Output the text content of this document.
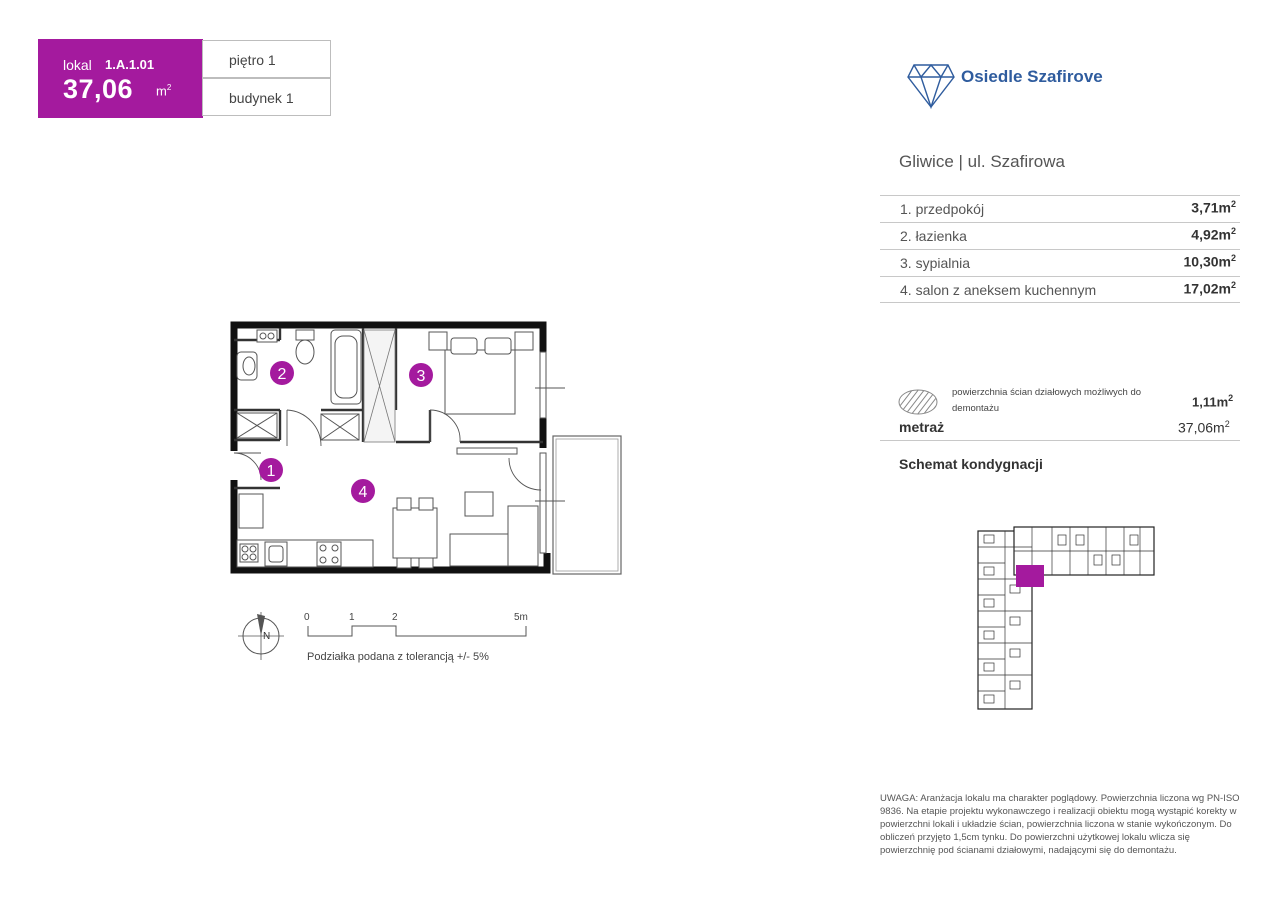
lokal 1.A.1.01
37,06 $m^2$
piętro 1
budynek 1
Osiedle Szafirove
Gliwice | ul. Szafirowa
1. przedpokój	$3,71m^2$
2. łazienka	$4,92m^2$
3. sypialnia	$10,30m^2$
4. salon z aneksem kuchennym	$17,02m^2$
powierzchnia ścian działowych możliwych do demontażu	$1,11m^2$
metraż	$37,06m^2$
Schemat kondygnacji
1
2	3
4
N
0	1	2	5m
Podziałka podana z tolerancją +/- 5%
UWAGA: Aranżacja lokalu ma charakter poglądowy. Powierzchnia liczona wg PN-ISO 9836. Na etapie projektu wykonawczego i realizacji obiektu mogą wystąpić korekty w powierzchni lokali i układzie ścian, powierzchnia liczona w stanie wykończonym. Do obliczeń przyjęto 1,5cm tynku. Do powierzchni użytkowej lokalu wlicza się powierzchnię pod ścianami działowymi, nadającymi się do demontażu.
